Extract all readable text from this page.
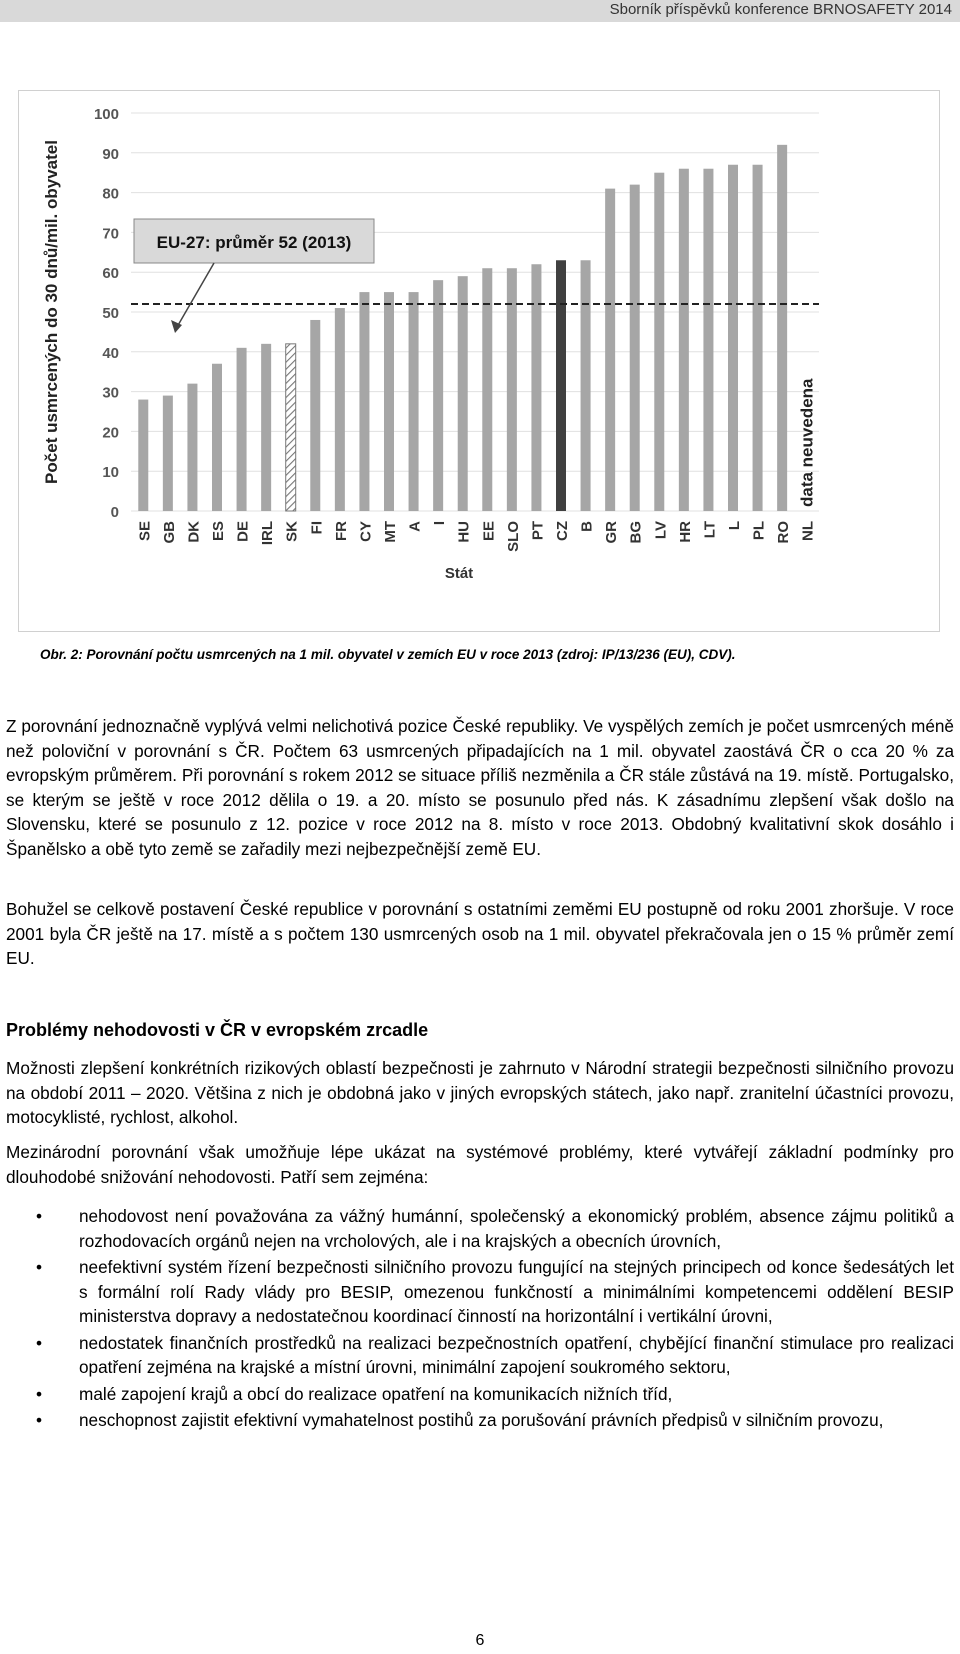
Sborník příspěvků konference BRNOSAFETY 2014
0
10
20
30
40
50
60
70
80
90
100
Počet usmrcených do 30 dnů/mil. obyvatel
SE GB DK ES DE IRL SK FI FR CY MT A I HU EE SLO PT CZ B GR BG LV HR LT L PL RO
data neuvedena
NL
EU-27: průměr 52 (2013)
Stát
Obr. 2: Porovnání počtu usmrcených na 1 mil. obyvatel v zemích EU v roce 2013 (zdroj: IP/13/236 (EU), CDV).

Z porovnání jednoznačně vyplývá velmi nelichotivá pozice České republiky. Ve vyspělých zemích je počet usmrcených méně než poloviční v porovnání s ČR. Počtem 63 usmrcených připadajících na 1 mil. obyvatel zaostává ČR o cca 20 % za evropským průměrem. Při porovnání s rokem 2012 se situace příliš nezměnila a ČR stále zůstává na 19. místě. Portugalsko, se kterým se ještě v roce 2012 dělila o 19. a 20. místo se posunulo před nás. K zásadnímu zlepšení však došlo na Slovensku, které se posunulo z 12. pozice v roce 2012 na 8. místo v roce 2013. Obdobný kvalitativní skok dosáhlo i Španělsko a obě tyto země se zařadily mezi nejbezpečnější země EU.

Bohužel se celkově postavení České republice v porovnání s ostatními zeměmi EU postupně od roku 2001 zhoršuje. V roce 2001 byla ČR ještě na 17. místě a s počtem 130 usmrcených osob na 1 mil. obyvatel překračovala jen o 15 % průměr zemí EU.

Problémy nehodovosti v ČR v evropském zrcadle

Možnosti zlepšení konkrétních rizikových oblastí bezpečnosti je zahrnuto v Národní strategii bezpečnosti silničního provozu na období 2011 – 2020. Většina z nich je obdobná jako v jiných evropských státech, jako např. zranitelní účastníci provozu, motocyklisté, rychlost, alkohol.

Mezinárodní porovnání však umožňuje lépe ukázat na systémové problémy, které vytvářejí základní podmínky pro dlouhodobé snižování nehodovosti. Patří sem zejména:

• nehodovost není považována za vážný humánní, společenský a ekonomický problém, absence zájmu politiků a rozhodovacích orgánů nejen na vrcholových, ale i na krajských a obecních úrovních,
• neefektivní systém řízení bezpečnosti silničního provozu fungující na stejných principech od konce šedesátých let s formální rolí Rady vlády pro BESIP, omezenou funkčností a minimálními kompetencemi oddělení BESIP ministerstva dopravy a nedostatečnou koordinací činností na horizontální i vertikální úrovni,
• nedostatek finančních prostředků na realizaci bezpečnostních opatření, chybějící finanční stimulace pro realizaci opatření zejména na krajské a místní úrovni, minimální zapojení soukromého sektoru,
• malé zapojení krajů a obcí do realizace opatření na komunikacích nižních tříd,
• neschopnost zajistit efektivní vymahatelnost postihů za porušování právních předpisů v silničním provozu,
6
